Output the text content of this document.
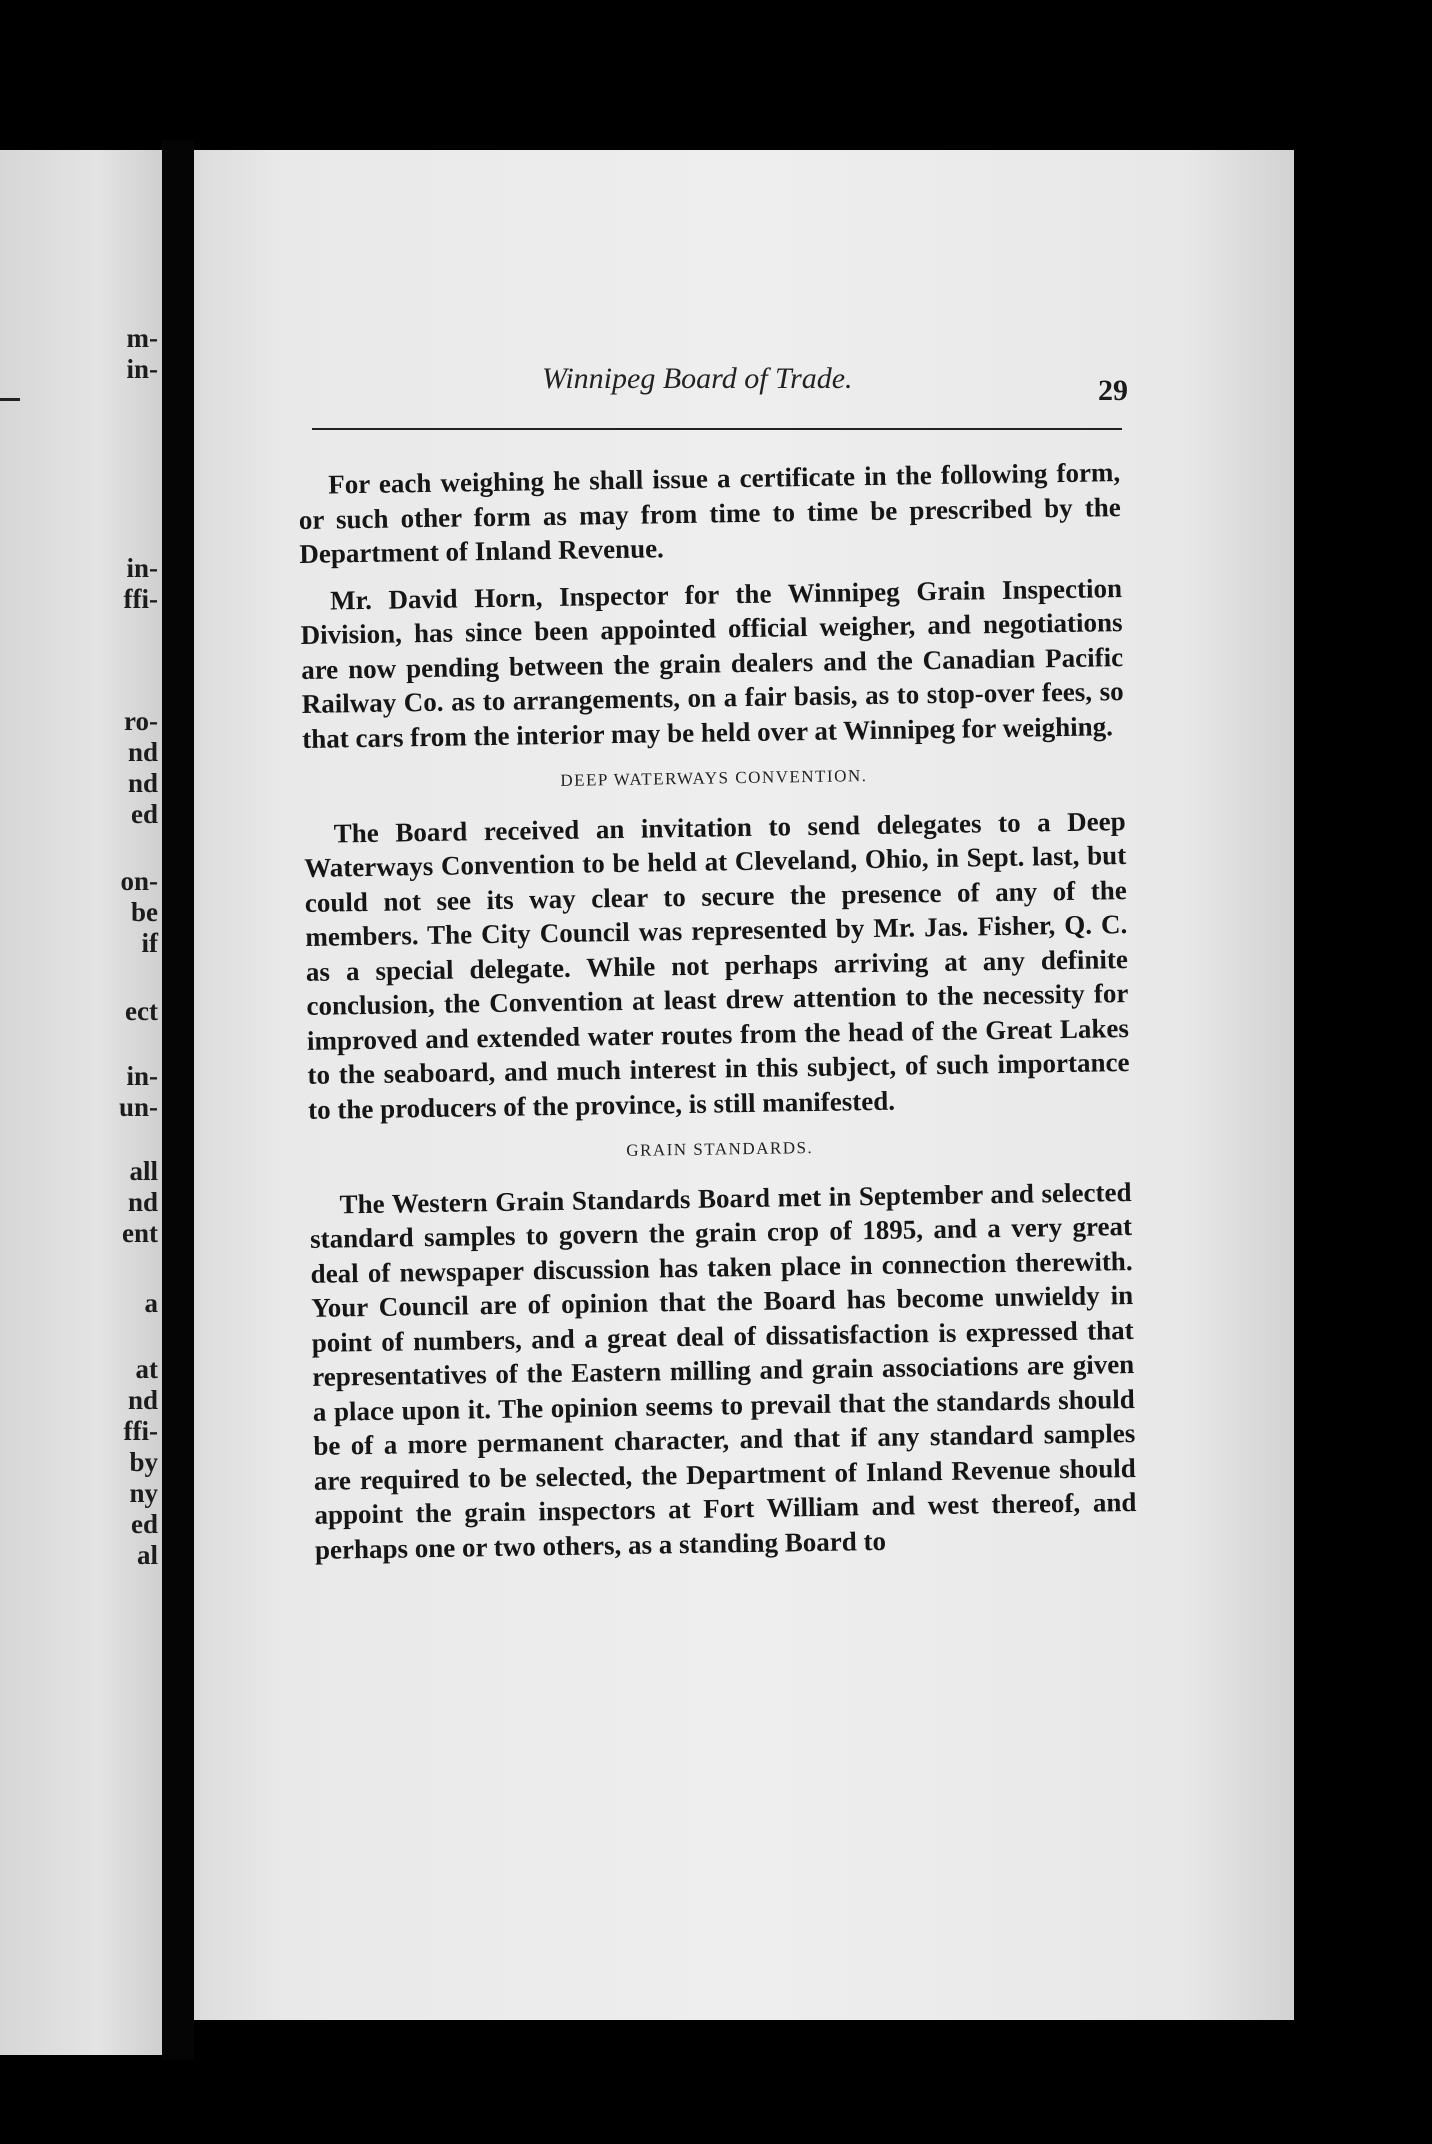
m-
in-
in-
ffi-
ro-
nd
nd
ed
on-
be
if
ect
in-
un-
all
nd
ent
a
at
nd
ffi-
by
ny
ed
al
Winnipeg Board of Trade.	29

For each weighing he shall issue a certificate in the following form, or such other form as may from time to time be prescribed by the Department of Inland Revenue.

Mr. David Horn, Inspector for the Winnipeg Grain Inspection Division, has since been appointed official weigher, and negotiations are now pending between the grain dealers and the Canadian Pacific Railway Co. as to arrangements, on a fair basis, as to stop-over fees, so that cars from the interior may be held over at Winnipeg for weighing.

DEEP WATERWAYS CONVENTION.

The Board received an invitation to send delegates to a Deep Waterways Convention to be held at Cleveland, Ohio, in Sept. last, but could not see its way clear to secure the presence of any of the members. The City Council was represented by Mr. Jas. Fisher, Q. C. as a special delegate. While not perhaps arriving at any definite conclusion, the Convention at least drew attention to the necessity for improved and extended water routes from the head of the Great Lakes to the seaboard, and much interest in this subject, of such importance to the producers of the province, is still manifested.

GRAIN STANDARDS.

The Western Grain Standards Board met in September and selected standard samples to govern the grain crop of 1895, and a very great deal of newspaper discussion has taken place in connection therewith. Your Council are of opinion that the Board has become unwieldy in point of numbers, and a great deal of dissatisfaction is expressed that representatives of the Eastern milling and grain associations are given a place upon it. The opinion seems to prevail that the standards should be of a more permanent character, and that if any standard samples are required to be selected, the Department of Inland Revenue should appoint the grain inspectors at Fort William and west thereof, and perhaps one or two others, as a standing Board to
